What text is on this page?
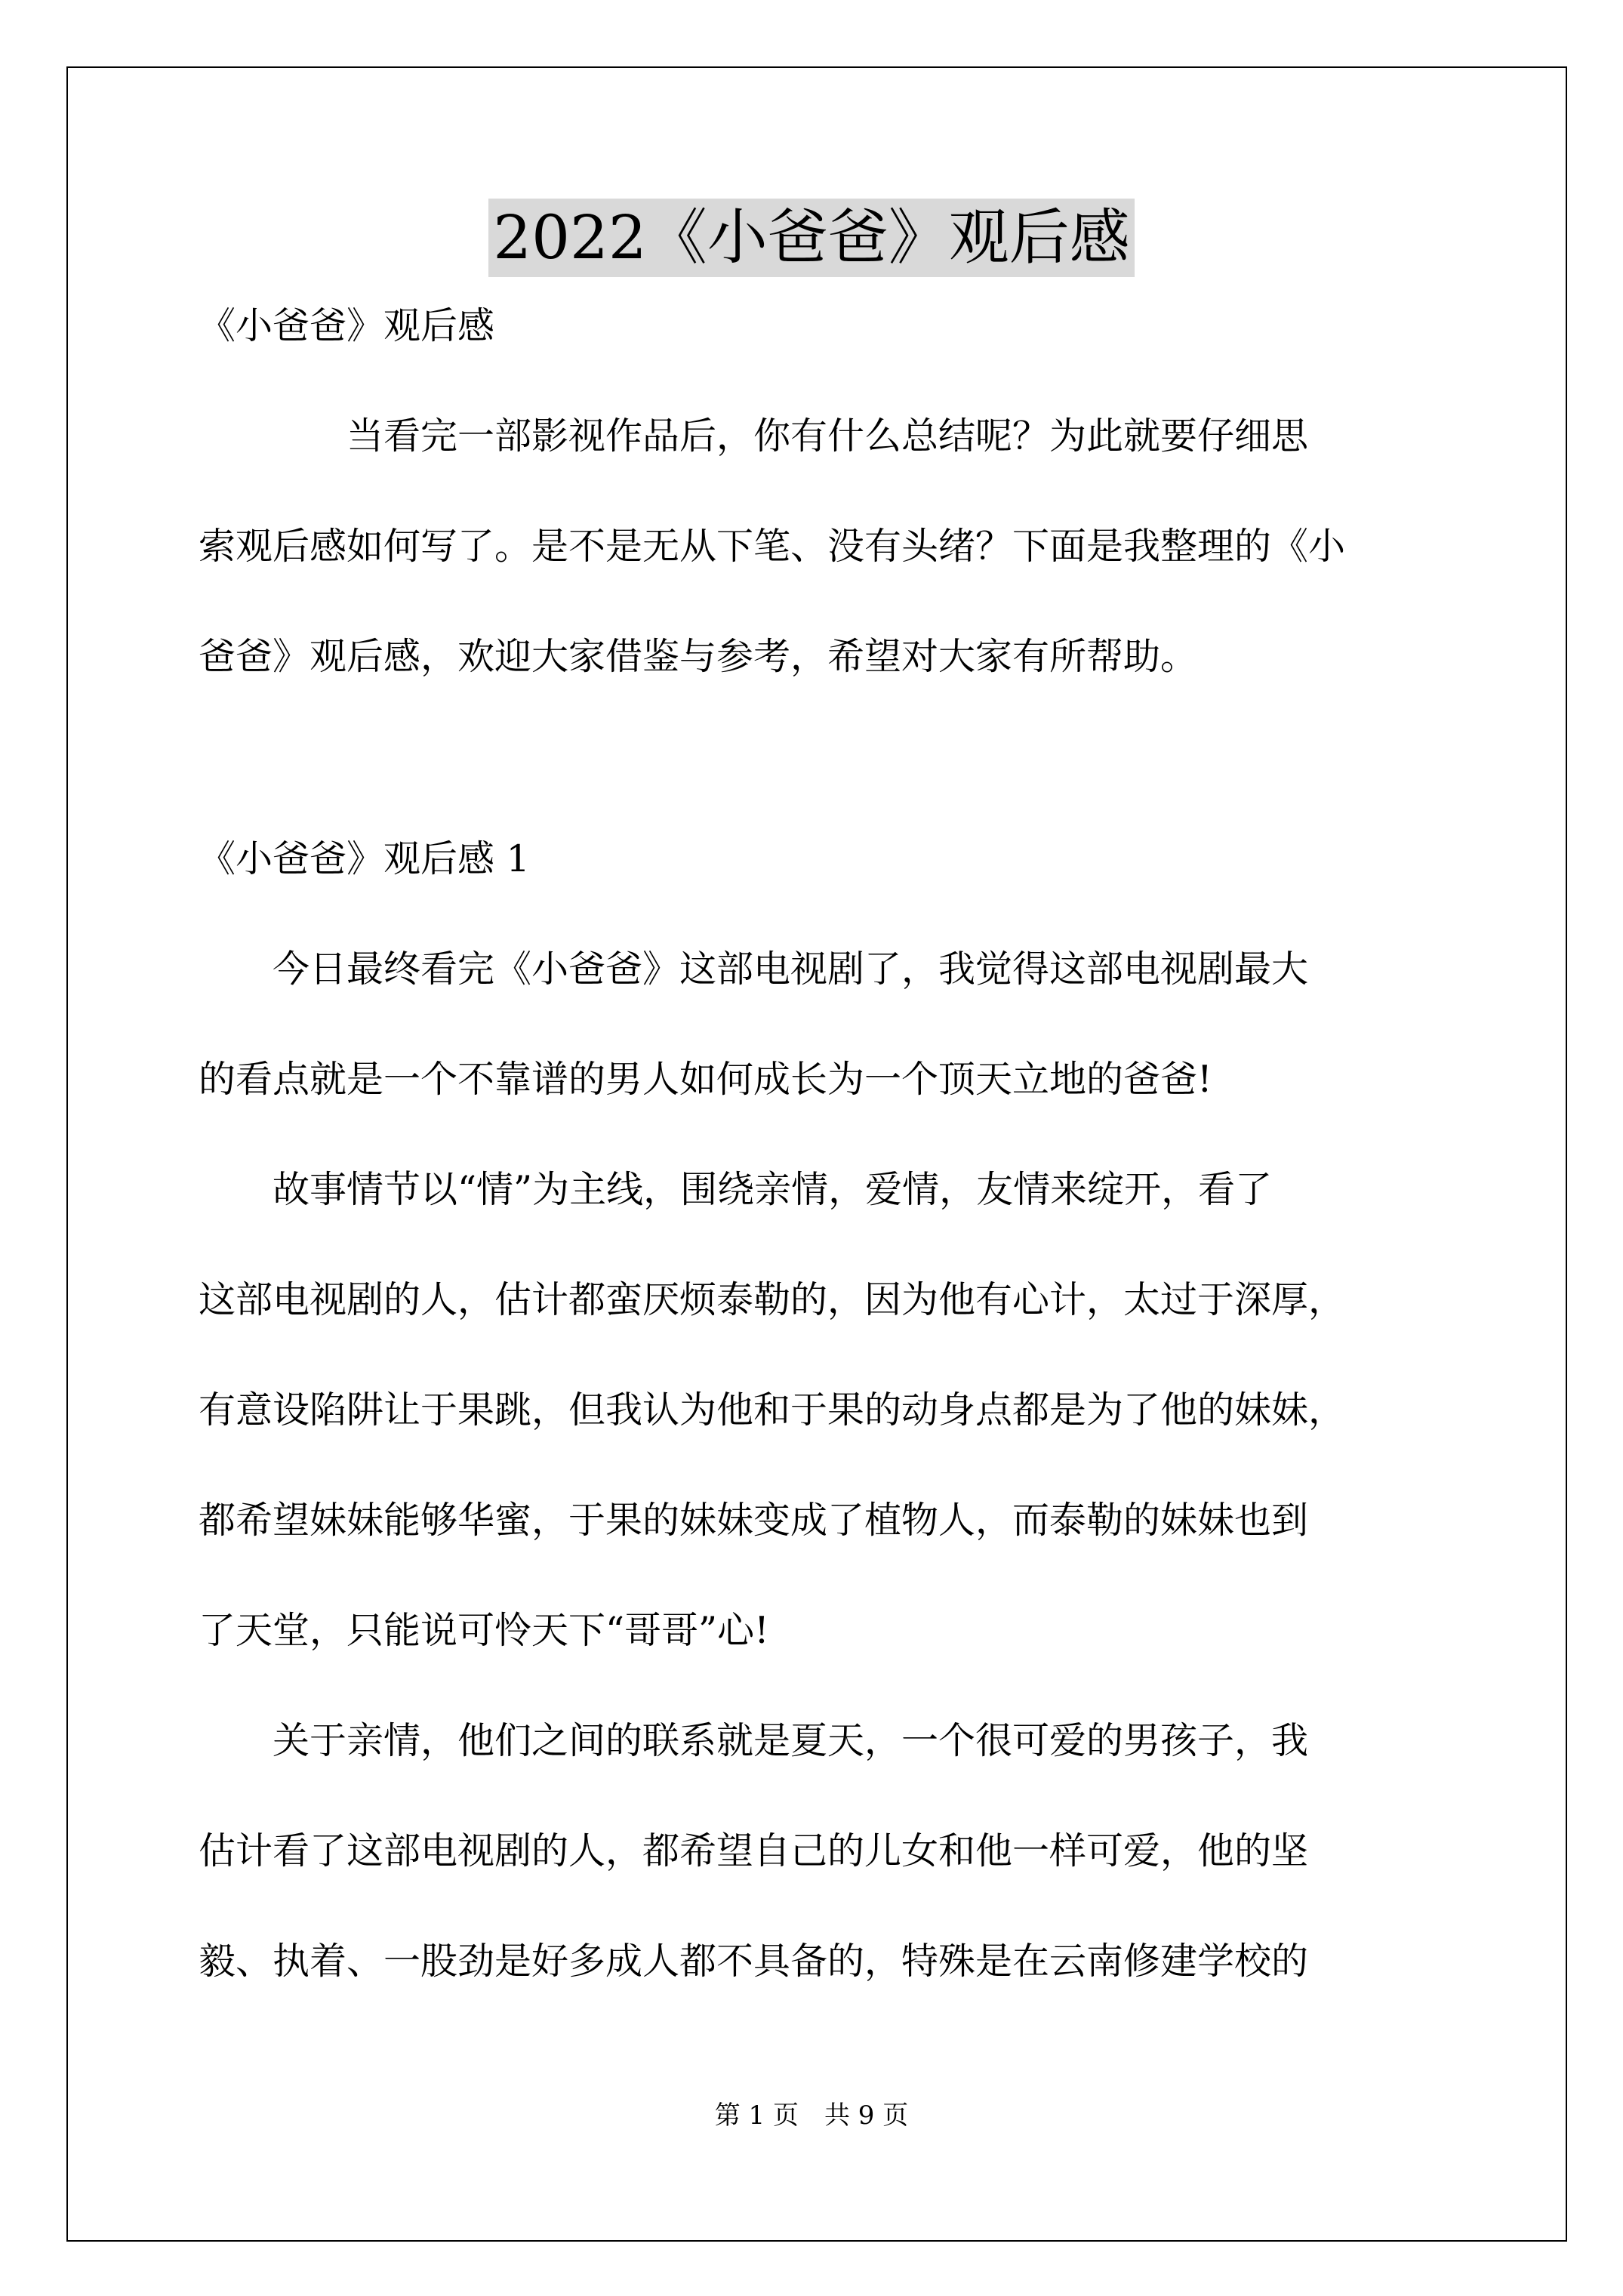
2022《小爸爸》观后感

《小爸爸》观后感

　　　　当看完一部影视作品后，你有什么总结呢？为此就要仔细思

索观后感如何写了。是不是无从下笔、没有头绪？下面是我整理的《小

爸爸》观后感，欢迎大家借鉴与参考，希望对大家有所帮助。

《小爸爸》观后感 1

　　今日最终看完《小爸爸》这部电视剧了，我觉得这部电视剧最大

的看点就是一个不靠谱的男人如何成长为一个顶天立地的爸爸!

　　故事情节以“情”为主线，围绕亲情，爱情，友情来绽开，看了

这部电视剧的人，估计都蛮厌烦泰勒的，因为他有心计，太过于深厚，

有意设陷阱让于果跳，但我认为他和于果的动身点都是为了他的妹妹，

都希望妹妹能够华蜜，于果的妹妹变成了植物人，而泰勒的妹妹也到

了天堂，只能说可怜天下“哥哥”心!

　　关于亲情，他们之间的联系就是夏天，一个很可爱的男孩子，我

估计看了这部电视剧的人，都希望自己的儿女和他一样可爱，他的坚

毅、执着、一股劲是好多成人都不具备的，特殊是在云南修建学校的

第 1 页　共 9 页
